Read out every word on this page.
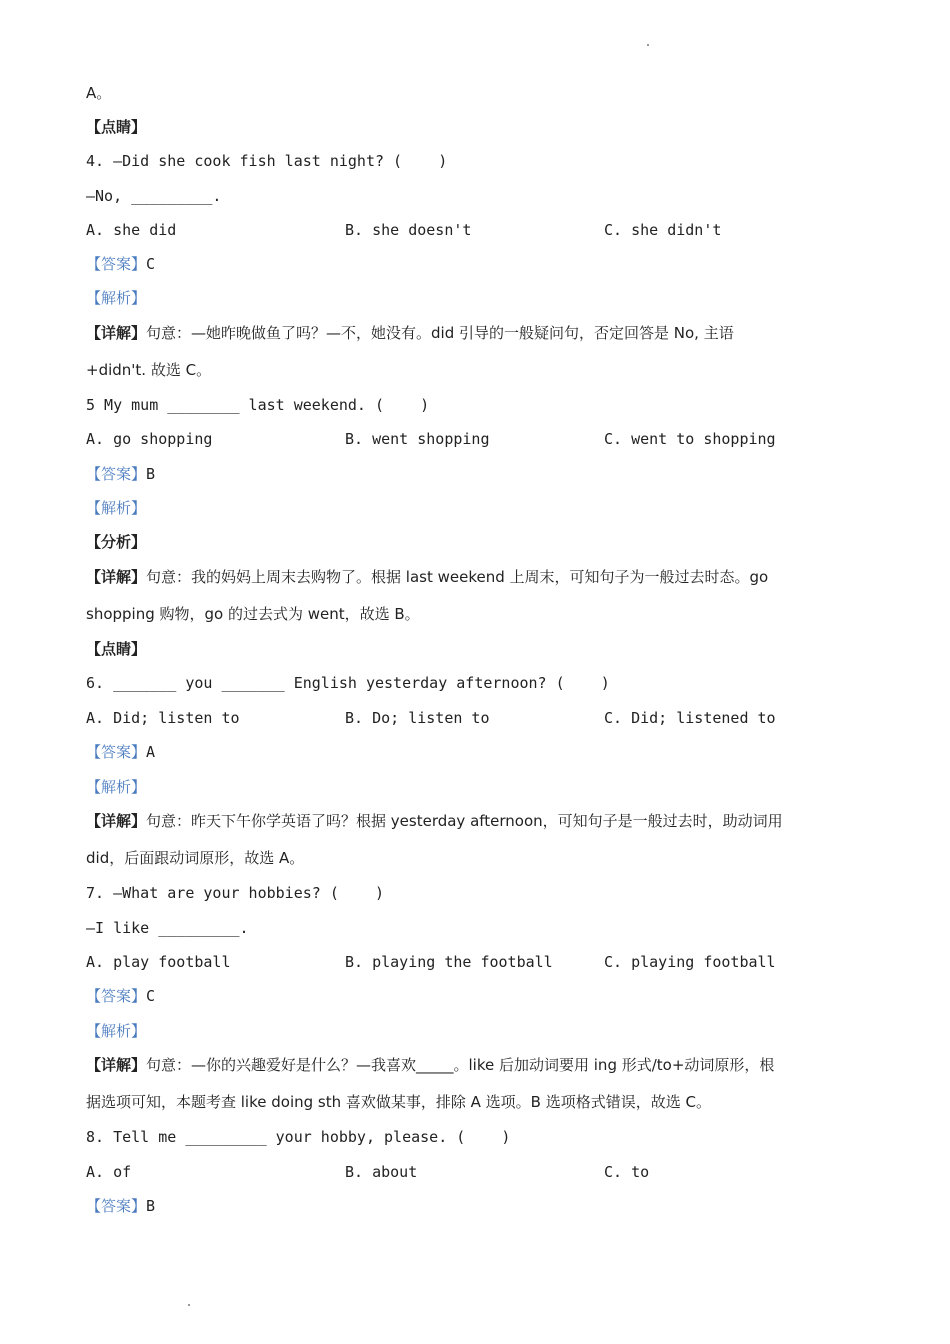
A。
【点睛】
4. —Did she cook fish last night? (    )
—No, _________.
A. she did	B. she doesn't	C. she didn't
【答案】C
【解析】
【详解】句意：—她昨晚做鱼了吗？—不，她没有。did 引导的一般疑问句，否定回答是 No, 主语
+didn't. 故选 C。
5 My mum ________ last weekend. (    )
A. go shopping	B. went shopping	C. went to shopping
【答案】B
【解析】
【分析】
【详解】句意：我的妈妈上周末去购物了。根据 last weekend 上周末，可知句子为一般过去时态。go
shopping 购物，go 的过去式为 went，故选 B。
【点睛】
6. _______ you _______ English yesterday afternoon? (    )
A. Did; listen to	B. Do; listen to	C. Did; listened to
【答案】A
【解析】
【详解】句意：昨天下午你学英语了吗？根据 yesterday afternoon，可知句子是一般过去时，助动词用
did，后面跟动词原形，故选 A。
7. —What are your hobbies? (    )
—I like _________.
A. play football	B. playing the football	C. playing football
【答案】C
【解析】
【详解】句意：—你的兴趣爱好是什么？—我喜欢_____。like 后加动词要用 ing 形式/to+动词原形，根
据选项可知，本题考查 like doing sth 喜欢做某事，排除 A 选项。B 选项格式错误，故选 C。
8. Tell me _________ your hobby, please. (    )
A. of	B. about	C. to
【答案】B
